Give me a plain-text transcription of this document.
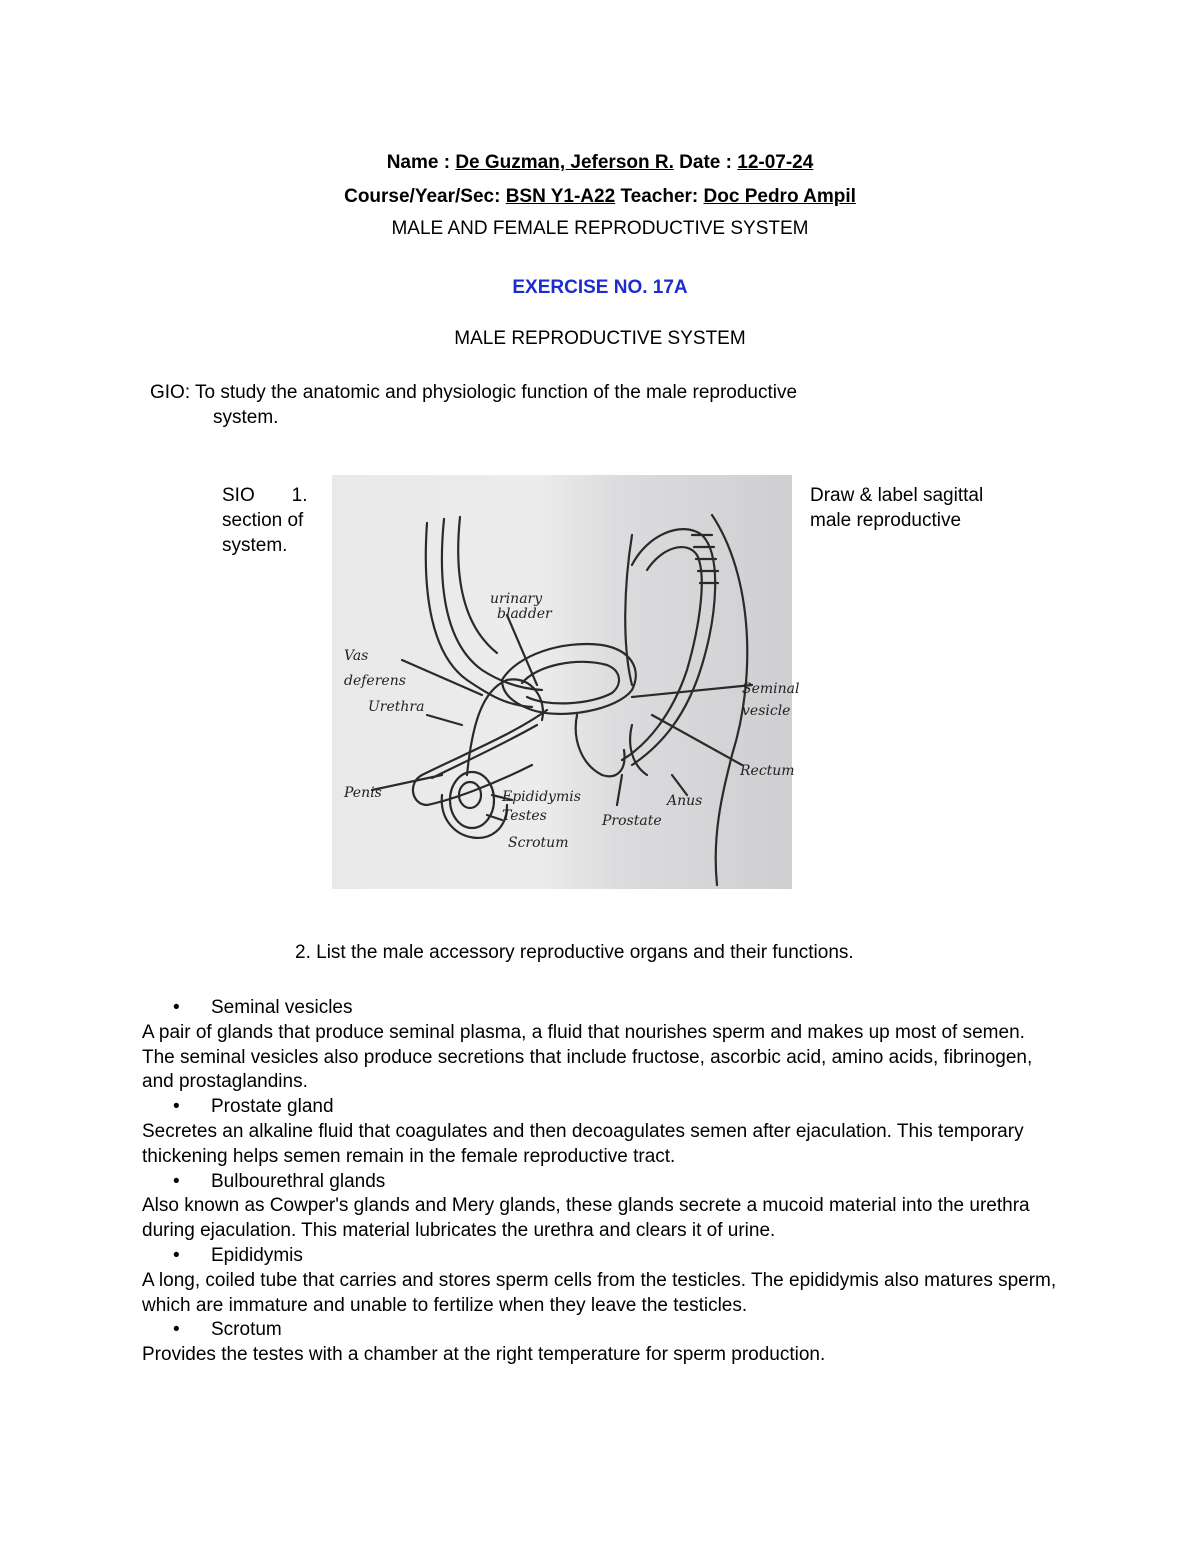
Name : De Guzman, Jeferson R. Date : 12-07-24
Course/Year/Sec: BSN Y1-A22 Teacher: Doc Pedro Ampil
MALE AND FEMALE REPRODUCTIVE SYSTEM
EXERCISE NO. 17A
MALE REPRODUCTIVE SYSTEM
GIO: To study the anatomic and physiologic function of the male reproductive
system.
SIO       1.
section of
system.
Draw & label sagittal
male reproductive
urinary
bladder
Vas
deferens
Urethra
Penis	Epididymis
Testes
Scrotum
Prostate
Anus
Rectum
Seminal
vesicle
2. List the male accessory reproductive organs and their functions.
• Seminal vesicles
A pair of glands that produce seminal plasma, a fluid that nourishes sperm and makes up most of semen. The seminal vesicles also produce secretions that include fructose, ascorbic acid, amino acids, fibrinogen, and prostaglandins.
• Prostate gland
Secretes an alkaline fluid that coagulates and then decoagulates semen after ejaculation. This temporary thickening helps semen remain in the female reproductive tract.
• Bulbourethral glands
Also known as Cowper's glands and Mery glands, these glands secrete a mucoid material into the urethra during ejaculation. This material lubricates the urethra and clears it of urine.
• Epididymis
A long, coiled tube that carries and stores sperm cells from the testicles. The epididymis also matures sperm, which are immature and unable to fertilize when they leave the testicles.
• Scrotum
Provides the testes with a chamber at the right temperature for sperm production.
